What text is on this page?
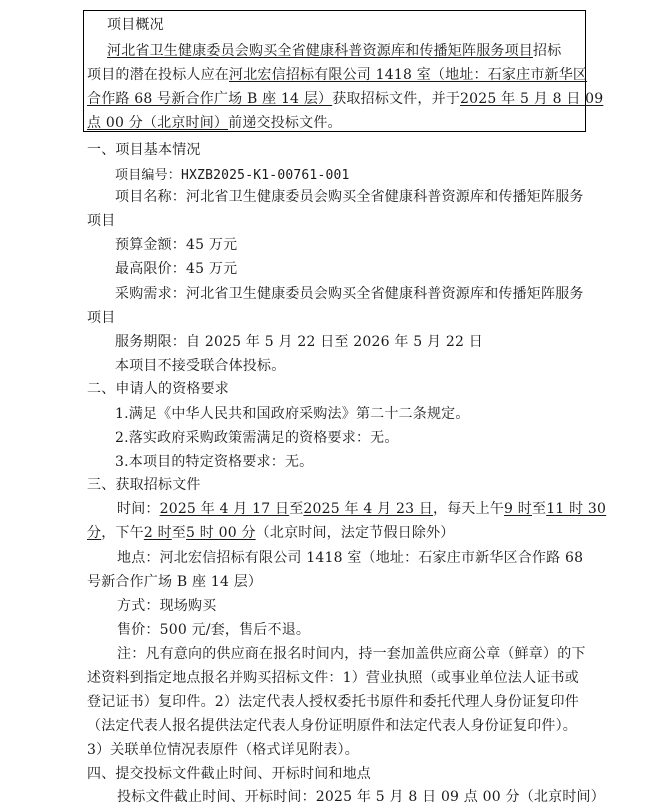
项目概况
河北省卫生健康委员会购买全省健康科普资源库和传播矩阵服务项目招标
项目的潜在投标人应在河北宏信招标有限公司 1418 室（地址：石家庄市新华区
合作路 68 号新合作广场 B 座 14 层）获取招标文件，并于2025 年 5 月 8 日 09
点 00 分（北京时间）前递交投标文件。
一、项目基本情况
项目编号：HXZB2025-K1-00761-001
项目名称：河北省卫生健康委员会购买全省健康科普资源库和传播矩阵服务
项目
预算金额：45 万元
最高限价：45 万元
采购需求：河北省卫生健康委员会购买全省健康科普资源库和传播矩阵服务
项目
服务期限：自 2025 年 5 月 22 日至 2026 年 5 月 22 日
本项目不接受联合体投标。
二、申请人的资格要求
1.满足《中华人民共和国政府采购法》第二十二条规定。
2.落实政府采购政策需满足的资格要求：无。
3.本项目的特定资格要求：无。
三、获取招标文件
时间：2025 年 4 月 17 日至2025 年 4 月 23 日，每天上午9 时至11 时 30
分，下午2 时至5 时 00 分（北京时间，法定节假日除外）
地点：河北宏信招标有限公司 1418 室（地址：石家庄市新华区合作路 68
号新合作广场 B 座 14 层）
方式：现场购买
售价：500 元/套，售后不退。
注：凡有意向的供应商在报名时间内，持一套加盖供应商公章（鲜章）的下
述资料到指定地点报名并购买招标文件：1）营业执照（或事业单位法人证书或
登记证书）复印件。2）法定代表人授权委托书原件和委托代理人身份证复印件
（法定代表人报名提供法定代表人身份证明原件和法定代表人身份证复印件）。
3）关联单位情况表原件（格式详见附表）。
四、提交投标文件截止时间、开标时间和地点
投标文件截止时间、开标时间：2025 年 5 月 8 日 09 点 00 分（北京时间）
